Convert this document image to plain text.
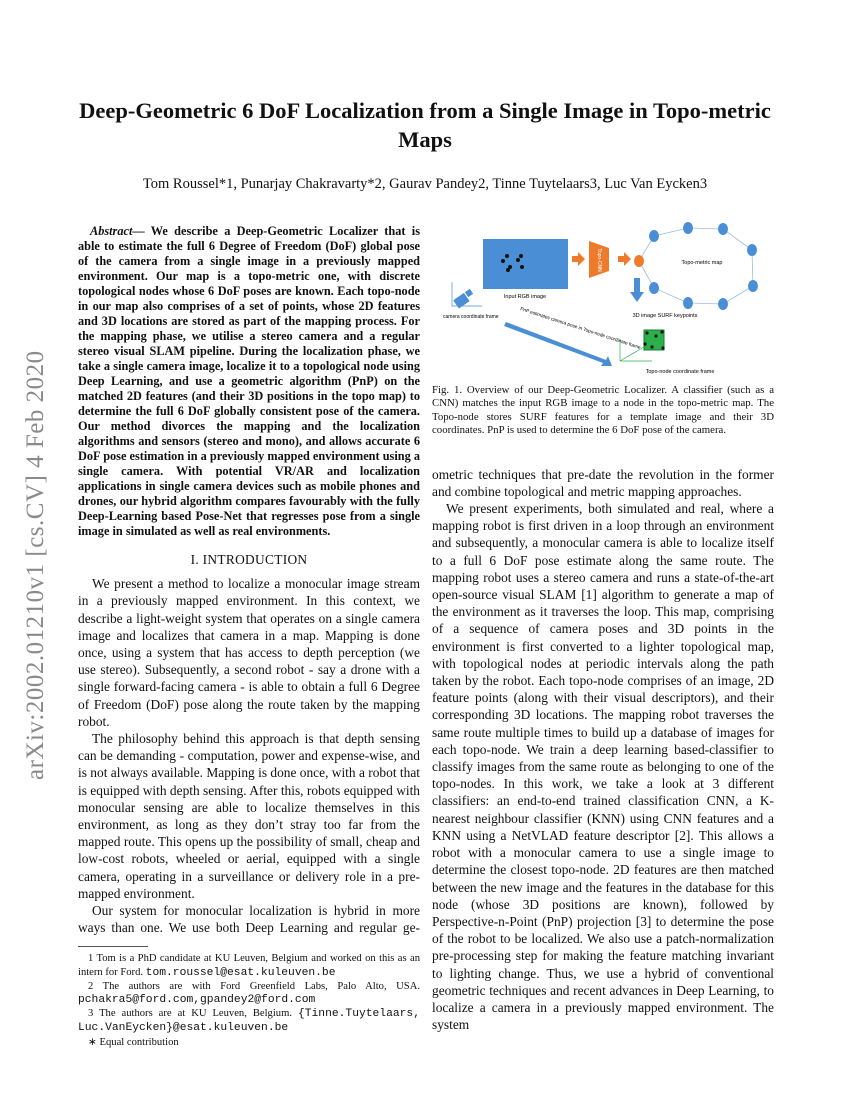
arXiv:2002.01210v1 [cs.CV] 4 Feb 2020
Deep-Geometric 6 DoF Localization from a Single Image in Topo-metric Maps
Tom Roussel*1, Punarjay Chakravarty*2, Gaurav Pandey2, Tinne Tuytelaars3, Luc Van Eycken3

Abstract— We describe a Deep-Geometric Localizer that is able to estimate the full 6 Degree of Freedom (DoF) global pose of the camera from a single image in a previously mapped environment. Our map is a topo-metric one, with discrete topological nodes whose 6 DoF poses are known. Each topo-node in our map also comprises of a set of points, whose 2D features and 3D locations are stored as part of the mapping process. For the mapping phase, we utilise a stereo camera and a regular stereo visual SLAM pipeline. During the localization phase, we take a single camera image, localize it to a topological node using Deep Learning, and use a geometric algorithm (PnP) on the matched 2D features (and their 3D positions in the topo map) to determine the full 6 DoF globally consistent pose of the camera. Our method divorces the mapping and the localization algorithms and sensors (stereo and mono), and allows accurate 6 DoF pose estimation in a previously mapped environment using a single camera. With potential VR/AR and localization applications in single camera devices such as mobile phones and drones, our hybrid algorithm compares favourably with the fully Deep-Learning based Pose-Net that regresses pose from a single image in simulated as well as real environments.

I. INTRODUCTION

We present a method to localize a monocular image stream in a previously mapped environment. In this context, we describe a light-weight system that operates on a single camera image and localizes that camera in a map. Mapping is done once, using a system that has access to depth perception (we use stereo). Subsequently, a second robot - say a drone with a single forward-facing camera - is able to obtain a full 6 Degree of Freedom (DoF) pose along the route taken by the mapping robot.

The philosophy behind this approach is that depth sensing can be demanding - computation, power and expense-wise, and is not always available. Mapping is done once, with a robot that is equipped with depth sensing. After this, robots equipped with monocular sensing are able to localize themselves in this environment, as long as they don’t stray too far from the mapped route. This opens up the possibility of small, cheap and low-cost robots, wheeled or aerial, equipped with a single camera, operating in a surveillance or delivery role in a pre-mapped environment.

Our system for monocular localization is hybrid in more ways than one. We use both Deep Learning and regular ge-

1 Tom is a PhD candidate at KU Leuven, Belgium and worked on this as an intern for Ford. tom.roussel@esat.kuleuven.be
2 The authors are with Ford Greenfield Labs, Palo Alto, USA. pchakra5@ford.com,gpandey2@ford.com
3 The authors are at KU Leuven, Belgium. {Tinne.Tuytelaars, Luc.VanEycken}@esat.kuleuven.be
∗ Equal contribution
Input RGB image
Topo-CNN	Topo-metric map
3D image SURF keypoints
camera coordinate frame	PnP estimates camera pose in Topo-node coordinate frame
Topo-node coordinate frame
Fig. 1. Overview of our Deep-Geometric Localizer. A classifier (such as a CNN) matches the input RGB image to a node in the topo-metric map. The Topo-node stores SURF features for a template image and their 3D coordinates. PnP is used to determine the 6 DoF pose of the camera.

ometric techniques that pre-date the revolution in the former and combine topological and metric mapping approaches.

We present experiments, both simulated and real, where a mapping robot is first driven in a loop through an environment and subsequently, a monocular camera is able to localize itself to a full 6 DoF pose estimate along the same route. The mapping robot uses a stereo camera and runs a state-of-the-art open-source visual SLAM [1] algorithm to generate a map of the environment as it traverses the loop. This map, comprising of a sequence of camera poses and 3D points in the environment is first converted to a lighter topological map, with topological nodes at periodic intervals along the path taken by the robot. Each topo-node comprises of an image, 2D feature points (along with their visual descriptors), and their corresponding 3D locations. The mapping robot traverses the same route multiple times to build up a database of images for each topo-node. We train a deep learning based-classifier to classify images from the same route as belonging to one of the topo-nodes. In this work, we take a look at 3 different classifiers: an end-to-end trained classification CNN, a K-nearest neighbour classifier (KNN) using CNN features and a KNN using a NetVLAD feature descriptor [2]. This allows a robot with a monocular camera to use a single image to determine the closest topo-node. 2D features are then matched between the new image and the features in the database for this node (whose 3D positions are known), followed by Perspective-n-Point (PnP) projection [3] to determine the pose of the robot to be localized. We also use a patch-normalization pre-processing step for making the feature matching invariant to lighting change. Thus, we use a hybrid of conventional geometric techniques and recent advances in Deep Learning, to localize a camera in a previously mapped environment. The system
